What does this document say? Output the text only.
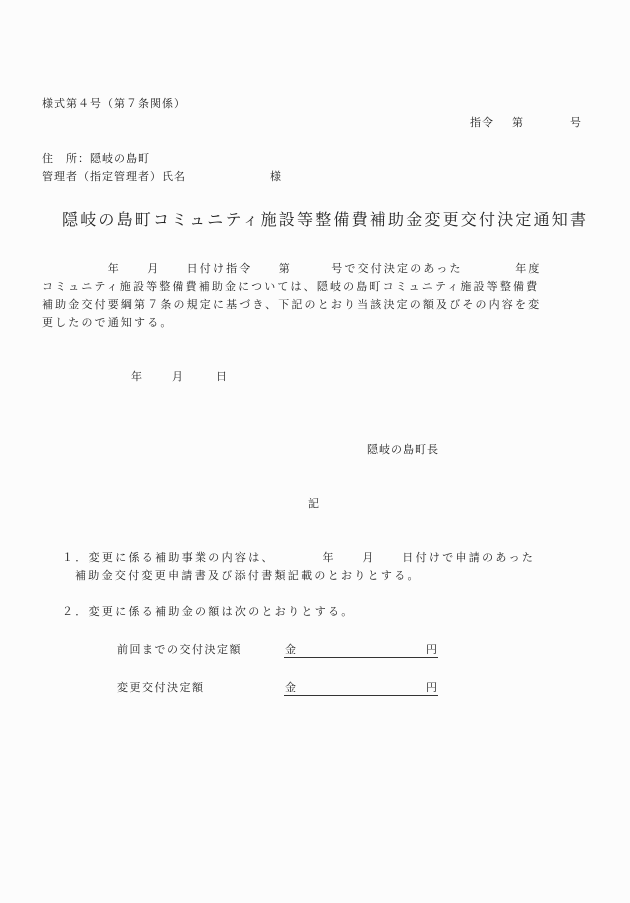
様式第４号（第７条関係）
指令 第	号
住　所：隠岐の島町
管理者（指定管理者）氏名	様
隠岐の島町コミュニティ施設等整備費補助金変更交付決定通知書
　　　　　年　　月　　日付け指令　　第　　　号で交付決定のあった　　　　年度
コミュニティ施設等整備費補助金については、隠岐の島町コミュニティ施設等整備費
補助金交付要綱第７条の規定に基づき、下記のとおり当該決定の額及びその内容を変
更したので通知する。
年	月	日
隠岐の島町長
記
１．変更に係る補助事業の内容は、　　　　年　　月　　日付けで申請のあった
補助金交付変更申請書及び添付書類記載のとおりとする。
２．変更に係る補助金の額は次のとおりとする。
前回までの交付決定額	金	円
変更交付決定額	金	円
